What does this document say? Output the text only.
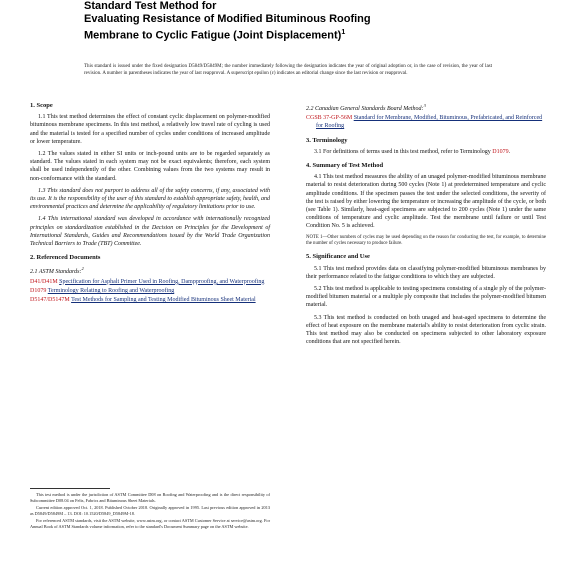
Standard Test Method for
Evaluating Resistance of Modified Bituminous Roofing
Membrane to Cyclic Fatigue (Joint Displacement)$^1$
This standard is issued under the fixed designation D5849/D5849M; the number immediately following the designation indicates the year of original adoption or, in the case of revision, the year of last revision. A number in parentheses indicates the year of last reapproval. A superscript epsilon (ε) indicates an editorial change since the last revision or reapproval.
1. Scope

1.1 This test method determines the effect of constant cyclic displacement on polymer-modified bituminous membrane specimens. In this test method, a relatively low travel rate of cycling is used and the material is tested for a specified number of cycles under conditions of increased amplitude or lower temperature.

1.2 The values stated in either SI units or inch-pound units are to be regarded separately as standard. The values stated in each system may not be exact equivalents; therefore, each system shall be used independently of the other. Combining values from the two systems may result in non-conformance with the standard.

1.3 This standard does not purport to address all of the safety concerns, if any, associated with its use. It is the responsibility of the user of this standard to establish appropriate safety, health, and environmental practices and determine the applicability of regulatory limitations prior to use.

1.4 This international standard was developed in accordance with internationally recognized principles on standardization established in the Decision on Principles for the Development of International Standards, Guides and Recommendations issued by the World Trade Organization Technical Barriers to Trade (TBT) Committee.

2. Referenced Documents
2.1 ASTM Standards:$^2$
D41/D41M Specification for Asphalt Primer Used in Roofing, Dampproofing, and Waterproofing
D1079 Terminology Relating to Roofing and Waterproofing
D5147/D5147M Test Methods for Sampling and Testing Modified Bituminous Sheet Material

This test method is under the jurisdiction of ASTM Committee D08 on Roofing and Waterproofing and is the direct responsibility of Subcommittee D08.04 on Felts, Fabrics and Bituminous Sheet Materials.

Current edition approved Oct. 1, 2018. Published October 2018. Originally approved in 1995. Last previous edition approved in 2013 as D5849/D5849M – 13. DOI: 10.1520/D5849_D5849M-18.

For referenced ASTM standards, visit the ASTM website, www.astm.org, or contact ASTM Customer Service at service@astm.org. For Annual Book of ASTM Standards volume information, refer to the standard's Document Summary page on the ASTM website.

2.2 Canadian General Standards Board Method:$^3$
CGSB 37-GP-56M Standard for Membrane, Modified, Bituminous, Prefabricated, and Reinforced for Roofing
3. Terminology

3.1 For definitions of terms used in this test method, refer to Terminology D1079.

4. Summary of Test Method

4.1 This test method measures the ability of an unaged polymer-modified bituminous membrane material to resist deterioration during 500 cycles (Note 1) at predetermined temperature and cyclic amplitude conditions. If the specimen passes the test under the selected conditions, the severity of the test is raised by either lowering the temperature or increasing the amplitude of the cycle, or both (see Table 1). Similarly, heat-aged specimens are subjected to 200 cycles (Note 1) under the same conditions of temperature and cyclic amplitude. Test the membrane until failure or until Test Condition No. 5 is achieved.

NOTE 1—Other numbers of cycles may be used depending on the reason for conducting the test, for example, to determine the number of cycles necessary to produce failure.
5. Significance and Use

5.1 This test method provides data on classifying polymer-modified bituminous membranes by their performance related to the fatigue conditions to which they are subjected.

5.2 This test method is applicable to testing specimens consisting of a single ply of the polymer-modified bitumen material or a multiple ply composite that includes the polymer-modified bitumen material.

5.3 This test method is conducted on both unaged and heat-aged specimens to determine the effect of heat exposure on the membrane material's ability to resist deterioration from cyclic strain. This test method may also be conducted on specimens subjected to other laboratory exposure conditions that are not specified herein.
